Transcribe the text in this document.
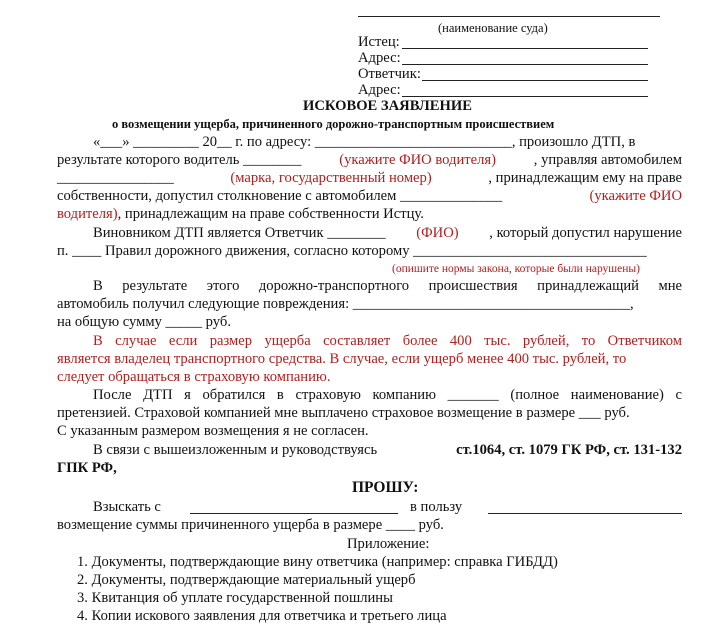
(наименование суда)
Истец:
Адрес:
Ответчик:
Адрес:
ИСКОВОЕ ЗАЯВЛЕНИЕ
о возмещении ущерба, причиненного дорожно-транспортным происшествием
«___» _________ 20__ г. по адресу: ___________________________, произошло ДТП, в
результате которого водитель ________	(укажите ФИО водителя)	, управляя автомобилем
________________	(марка, государственный номер)	, принадлежащим ему на праве
собственности, допустил столкновение с автомобилем ______________	(укажите ФИО
водителя), принадлежащим на праве собственности Истцу.
Виновником ДТП является Ответчик ________ (ФИО) , который допустил нарушение
п. ____ Правил дорожного движения, согласно которому ________________________________
(опишите нормы закона, которые были нарушены)
В результате этого дорожно-транспортного происшествия принадлежащий мне
автомобиль получил следующие повреждения: ______________________________________,
на общую сумму _____ руб.
В случае если размер ущерба составляет более 400 тыс. рублей, то Ответчиком
является владелец транспортного средства. В случае, если ущерб менее 400 тыс. рублей, то
следует обращаться в страховую компанию.
После ДТП я обратился в страховую компанию _______ (полное наименование) с
претензией. Страховой компанией мне выплачено страховое возмещение в размере ___ руб.
С указанным размером возмещения я не согласен.
В связи с вышеизложенным и руководствуясь	ст.1064, ст. 1079 ГК РФ, ст. 131-132
ГПК РФ,
ПРОШУ:
Взыскать с	в пользу
возмещение суммы причиненного ущерба в размере ____ руб.
Приложение:
1. Документы, подтверждающие вину ответчика (например: справка ГИБДД)
2. Документы, подтверждающие материальный ущерб
3. Квитанция об уплате государственной пошлины
4. Копии искового заявления для ответчика и третьего лица
